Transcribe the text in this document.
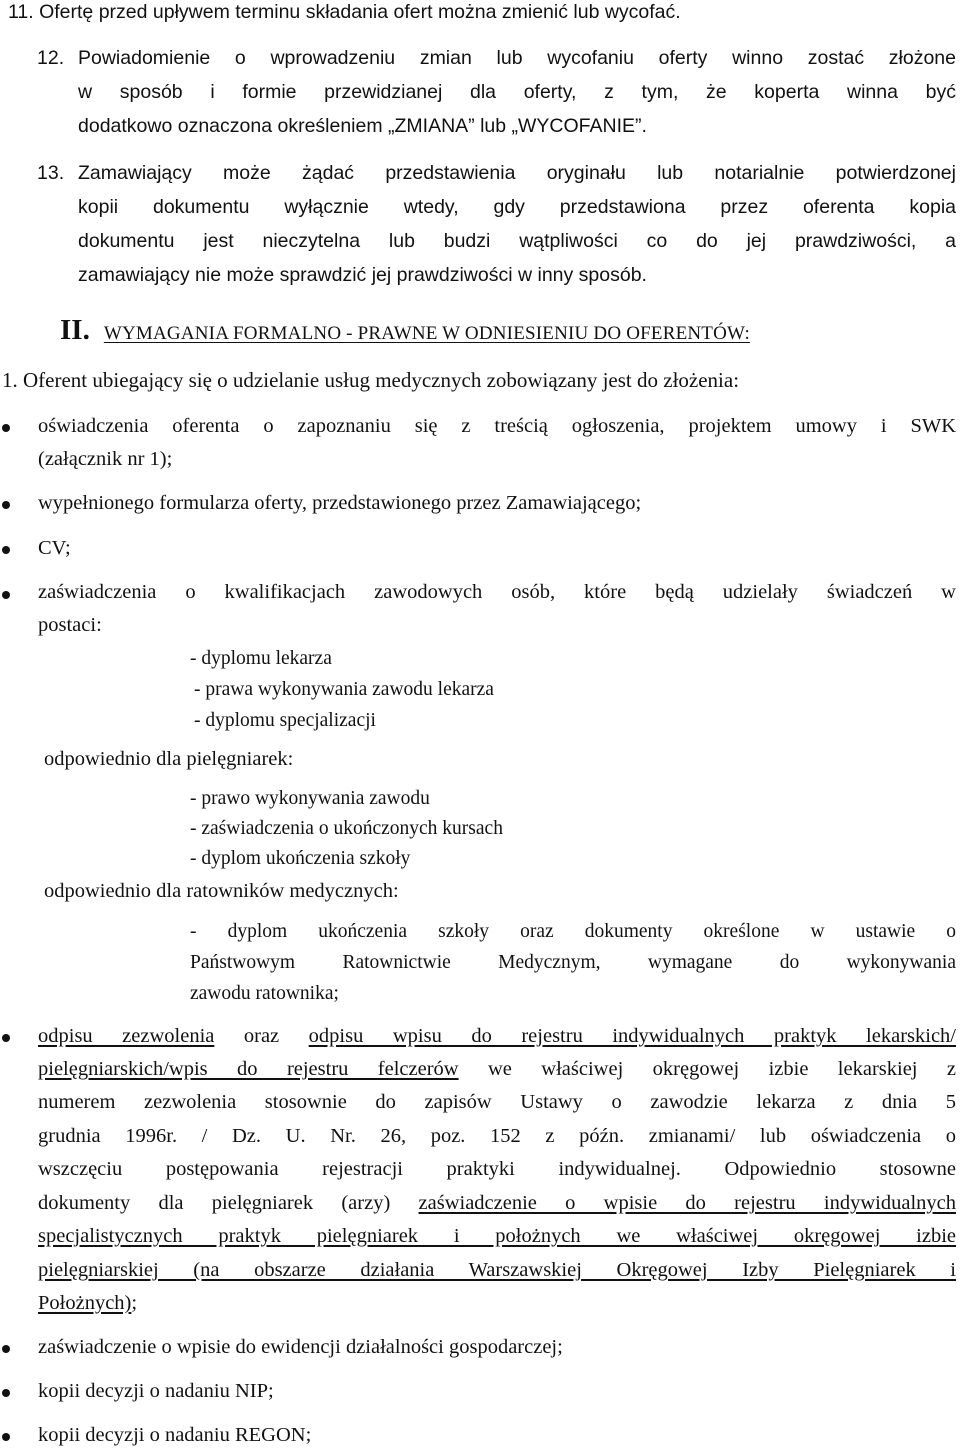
11. Ofertę przed upływem terminu składania ofert można zmienić lub wycofać.
12. Powiadomienie o wprowadzeniu zmian lub wycofaniu oferty winno zostać złożone
w sposób i formie przewidzianej dla oferty, z tym, że koperta winna być
dodatkowo oznaczona określeniem „ZMIANA” lub „WYCOFANIE”.
13. Zamawiający może żądać przedstawienia oryginału lub notarialnie potwierdzonej
kopii dokumentu wyłącznie wtedy, gdy przedstawiona przez oferenta kopia
dokumentu jest nieczytelna lub budzi wątpliwości co do jej prawdziwości, a
zamawiający nie może sprawdzić jej prawdziwości w inny sposób.
II. WYMAGANIA FORMALNO - PRAWNE W ODNIESIENIU DO OFERENTÓW:
1. Oferent ubiegający się o udzielanie usług medycznych zobowiązany jest do złożenia:
oświadczenia oferenta o zapoznaniu się z treścią ogłoszenia, projektem umowy i SWK
(załącznik nr 1);
wypełnionego formularza oferty, przedstawionego przez Zamawiającego;
CV;
zaświadczenia o kwalifikacjach zawodowych osób, które będą udzielały świadczeń w
postaci:
- dyplomu lekarza
- prawa wykonywania zawodu lekarza
- dyplomu specjalizacji
odpowiednio dla pielęgniarek:
- prawo wykonywania zawodu
- zaświadczenia o ukończonych kursach
- dyplom ukończenia szkoły
odpowiednio dla ratowników medycznych:
- dyplom ukończenia szkoły oraz dokumenty określone w ustawie o
Państwowym Ratownictwie Medycznym, wymagane do wykonywania
zawodu ratownika;
odpisu zezwolenia oraz odpisu wpisu do rejestru indywidualnych praktyk lekarskich/
pielęgniarskich/wpis do rejestru felczerów we właściwej okręgowej izbie lekarskiej z
numerem zezwolenia stosownie do zapisów Ustawy o zawodzie lekarza z dnia 5
grudnia 1996r. / Dz. U. Nr. 26, poz. 152 z późn. zmianami/ lub oświadczenia o
wszczęciu postępowania rejestracji praktyki indywidualnej. Odpowiednio stosowne
dokumenty dla pielęgniarek (arzy) zaświadczenie o wpisie do rejestru indywidualnych
specjalistycznych praktyk pielęgniarek i położnych we właściwej okręgowej izbie
pielęgniarskiej (na obszarze działania Warszawskiej Okręgowej Izby Pielęgniarek i
Położnych);
zaświadczenie o wpisie do ewidencji działalności gospodarczej;
kopii decyzji o nadaniu NIP;
kopii decyzji o nadaniu REGON;
